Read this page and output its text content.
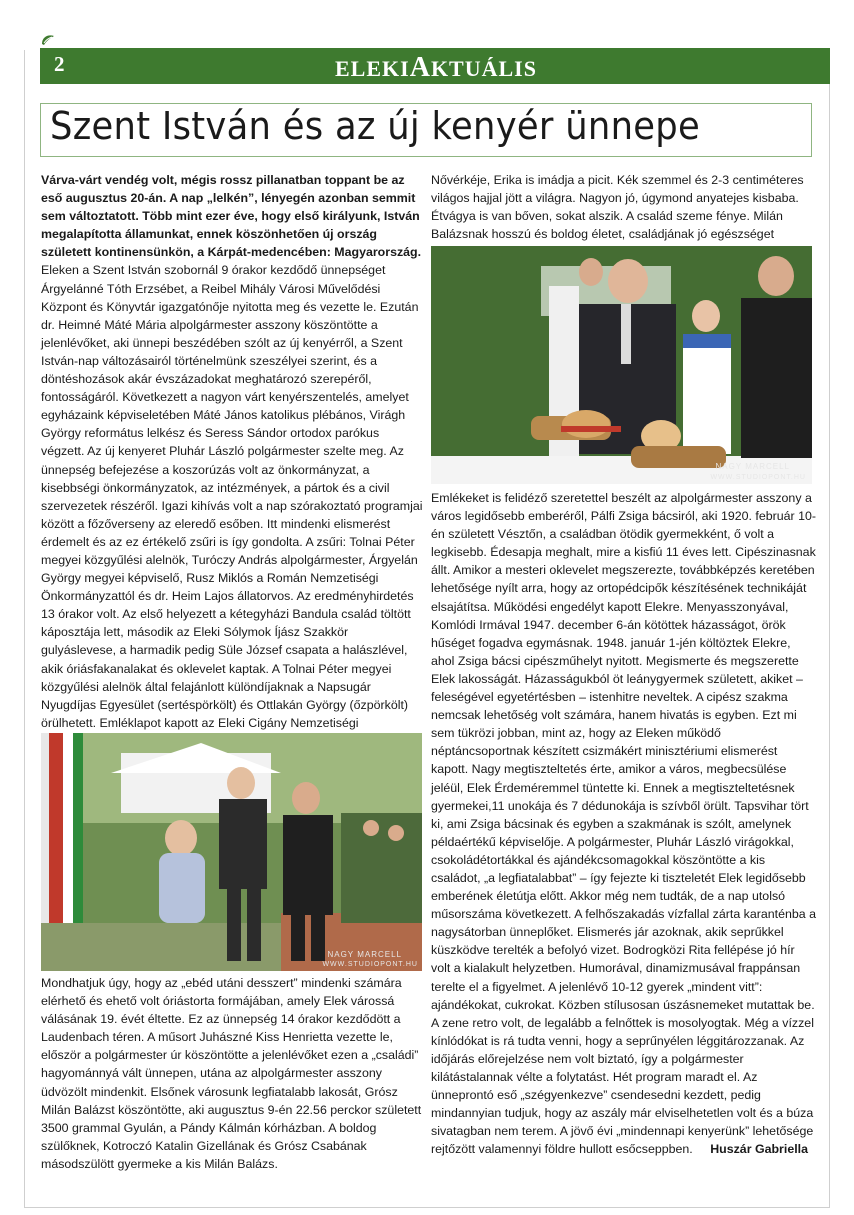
2	ELEKIAKTUÁLIS
Szent István és az új kenyér ünnepe

Várva-várt vendég volt, mégis rossz pillanatban toppant be az eső augusztus 20-án. A nap „lelkén”, lényegén azonban semmit sem változtatott. Több mint ezer éve, hogy első királyunk, István megalapította államunkat, ennek köszönhetően új ország született kontinensünkön, a Kárpát-medencében: Magyarország.

Eleken a Szent István szobornál 9 órakor kezdődő ünnepséget Árgyelánné Tóth Erzsébet, a Reibel Mihály Városi Művelődési Központ és Könyvtár igazgatónője nyitotta meg és vezette le. Ezután dr. Heimné Máté Mária alpolgármester asszony köszöntötte a jelenlévőket, aki ünnepi beszédében szólt az új kenyérről, a Szent István-nap változásairól történelmünk szeszélyei szerint, és a döntéshozások akár évszázadokat meghatározó szerepéről, fontosságáról. Következett a nagyon várt kenyérszentelés, amelyet egyházaink képviseletében Máté János katolikus plébános, Virágh György református lelkész és Seress Sándor ortodox parókus végzett. Az új kenyeret Pluhár László polgármester szelte meg. Az ünnepség befejezése a koszorúzás volt az önkormányzat, a kisebbségi önkormányzatok, az intézmények, a pártok és a civil szervezetek részéről. Igazi kihívás volt a nap szórakoztató programjai között a főzőverseny az eleredő esőben. Itt mindenki elismerést érdemelt és az ez értékelő zsűri is így gondolta. A zsűri: Tolnai Péter megyei közgyűlési alelnök, Turóczy András alpolgármester, Árgyelán György megyei képviselő, Rusz Miklós a Román Nemzetiségi Önkormányzattól és dr. Heim Lajos állatorvos. Az eredményhirdetés 13 órakor volt. Az első helyezett a kétegyházi Bandula család töltött káposztája lett, második az Eleki Sólymok Íjász Szakkör gulyáslevese, a harmadik pedig Süle József csapata a halászlével, akik óriásfakanalakat és oklevelet kaptak. A Tolnai Péter megyei közgyűlési alelnök által felajánlott különdíjaknak a Napsugár Nyugdíjas Egyesület (sertéspörkölt) és Ottlakán György (őzpörkölt) örülhetett. Emléklapot kapott az Eleki Cigány Nemzetiségi

NAGY MARCELL
WWW.STUDIOPONT.HU

Mondhatjuk úgy, hogy az „ebéd utáni desszert” mindenki számára elérhető és ehető volt óriástorta formájában, amely Elek várossá válásának 19. évét éltette. Ez az ünnepség 14 órakor kezdődött a Laudenbach téren. A műsort Juhászné Kiss Henrietta vezette le, először a polgármester úr köszöntötte a jelenlévőket ezen a „családi” hagyománnyá vált ünnepen, utána az alpolgármester asszony üdvözölt mindenkit. Elsőnek városunk legfiatalabb lakosát, Grósz Milán Balázst köszöntötte, aki augusztus 9-én 22.56 perckor született 3500 grammal Gyulán, a Pándy Kálmán kórházban. A boldog szülőknek, Kotroczó Katalin Gizellának és Grósz Csabának másodszülött gyermeke a kis Milán Balázs.

Nővérkéje, Erika is imádja a picit. Kék szemmel és 2-3 centiméteres világos hajjal jött a világra. Nagyon jó, úgymond anyatejes kisbaba. Étvágya is van bőven, sokat alszik. A család szeme fénye. Milán Balázsnak hosszú és boldog életet, családjának jó egészséget

NAGY MARCELL
WWW.STUDIOPONT.HU

Emlékeket is felidéző szeretettel beszélt az alpolgármester asszony a város legidősebb emberéről, Pálfi Zsiga bácsiról, aki 1920. február 10-én született Vésztőn, a családban ötödik gyermekként, ő volt a legkisebb. Édesapja meghalt, mire a kisfiú 11 éves lett. Cipészinasnak állt. Amikor a mesteri oklevelet megszerezte, továbbképzés keretében lehetősége nyílt arra, hogy az ortopédcipők készítésének technikáját elsajátítsa. Működési engedélyt kapott Elekre. Menyasszonyával, Komlódi Irmával 1947. december 6-án kötöttek házasságot, örök hűséget fogadva egymásnak. 1948. január 1-jén költöztek Elekre, ahol Zsiga bácsi cipészműhelyt nyitott. Megismerte és megszerette Elek lakosságát. Házasságukból öt leánygyermek született, akiket – feleségével egyetértésben – istenhitre neveltek. A cipész szakma nemcsak lehetőség volt számára, hanem hivatás is egyben. Ezt mi sem tükrözi jobban, mint az, hogy az Eleken működő néptáncsoportnak készített csizmákért minisztériumi elismerést kapott. Nagy megtiszteltetés érte, amikor a város, megbecsülése jeléül, Elek Érdeméremmel tüntette ki. Ennek a megtiszteltetésnek gyermekei,11 unokája és 7 dédunokája is szívből örült. Tapsvihar tört ki, ami Zsiga bácsinak és egyben a szakmának is szólt, amelynek példaértékű képviselője. A polgármester, Pluhár László virágokkal, csokoládétortákkal és ajándékcsomagokkal köszöntötte a kis családot, „a legfiatalabbat” – így fejezte ki tiszteletét Elek legidősebb emberének életútja előtt. Akkor még nem tudták, de a nap utolsó műsorszáma következett. A felhőszakadás vízfallal zárta karanténba a nagysátorban ünneplőket. Elismerés jár azoknak, akik seprűkkel küszködve terelték a befolyó vizet. Bodrogközi Rita fellépése jó hír volt a kialakult helyzetben. Humorával, dinamizmusával frappánsan terelte el a figyelmet. A jelenlévő 10-12 gyerek „mindent vitt”: ajándékokat, cukrokat. Közben stílusosan úszásnemeket mutattak be. A zene retro volt, de legalább a felnőttek is mosolyogtak. Még a vízzel kínlódókat is rá tudta venni, hogy a seprűnyélen léggitározzanak. Az időjárás előrejelzése nem volt biztató, így a polgármester kilátástalannak vélte a folytatást. Hét program maradt el. Az ünneprontó eső „szégyenkezve” csendesedni kezdett, pedig mindannyian tudjuk, hogy az aszály már elviselhetetlen volt és a búza sivatagban nem terem. A jövő évi „mindennapi kenyerünk” lehetősége rejtőzött valamennyi földre hullott esőcseppben.	Huszár Gabriella
